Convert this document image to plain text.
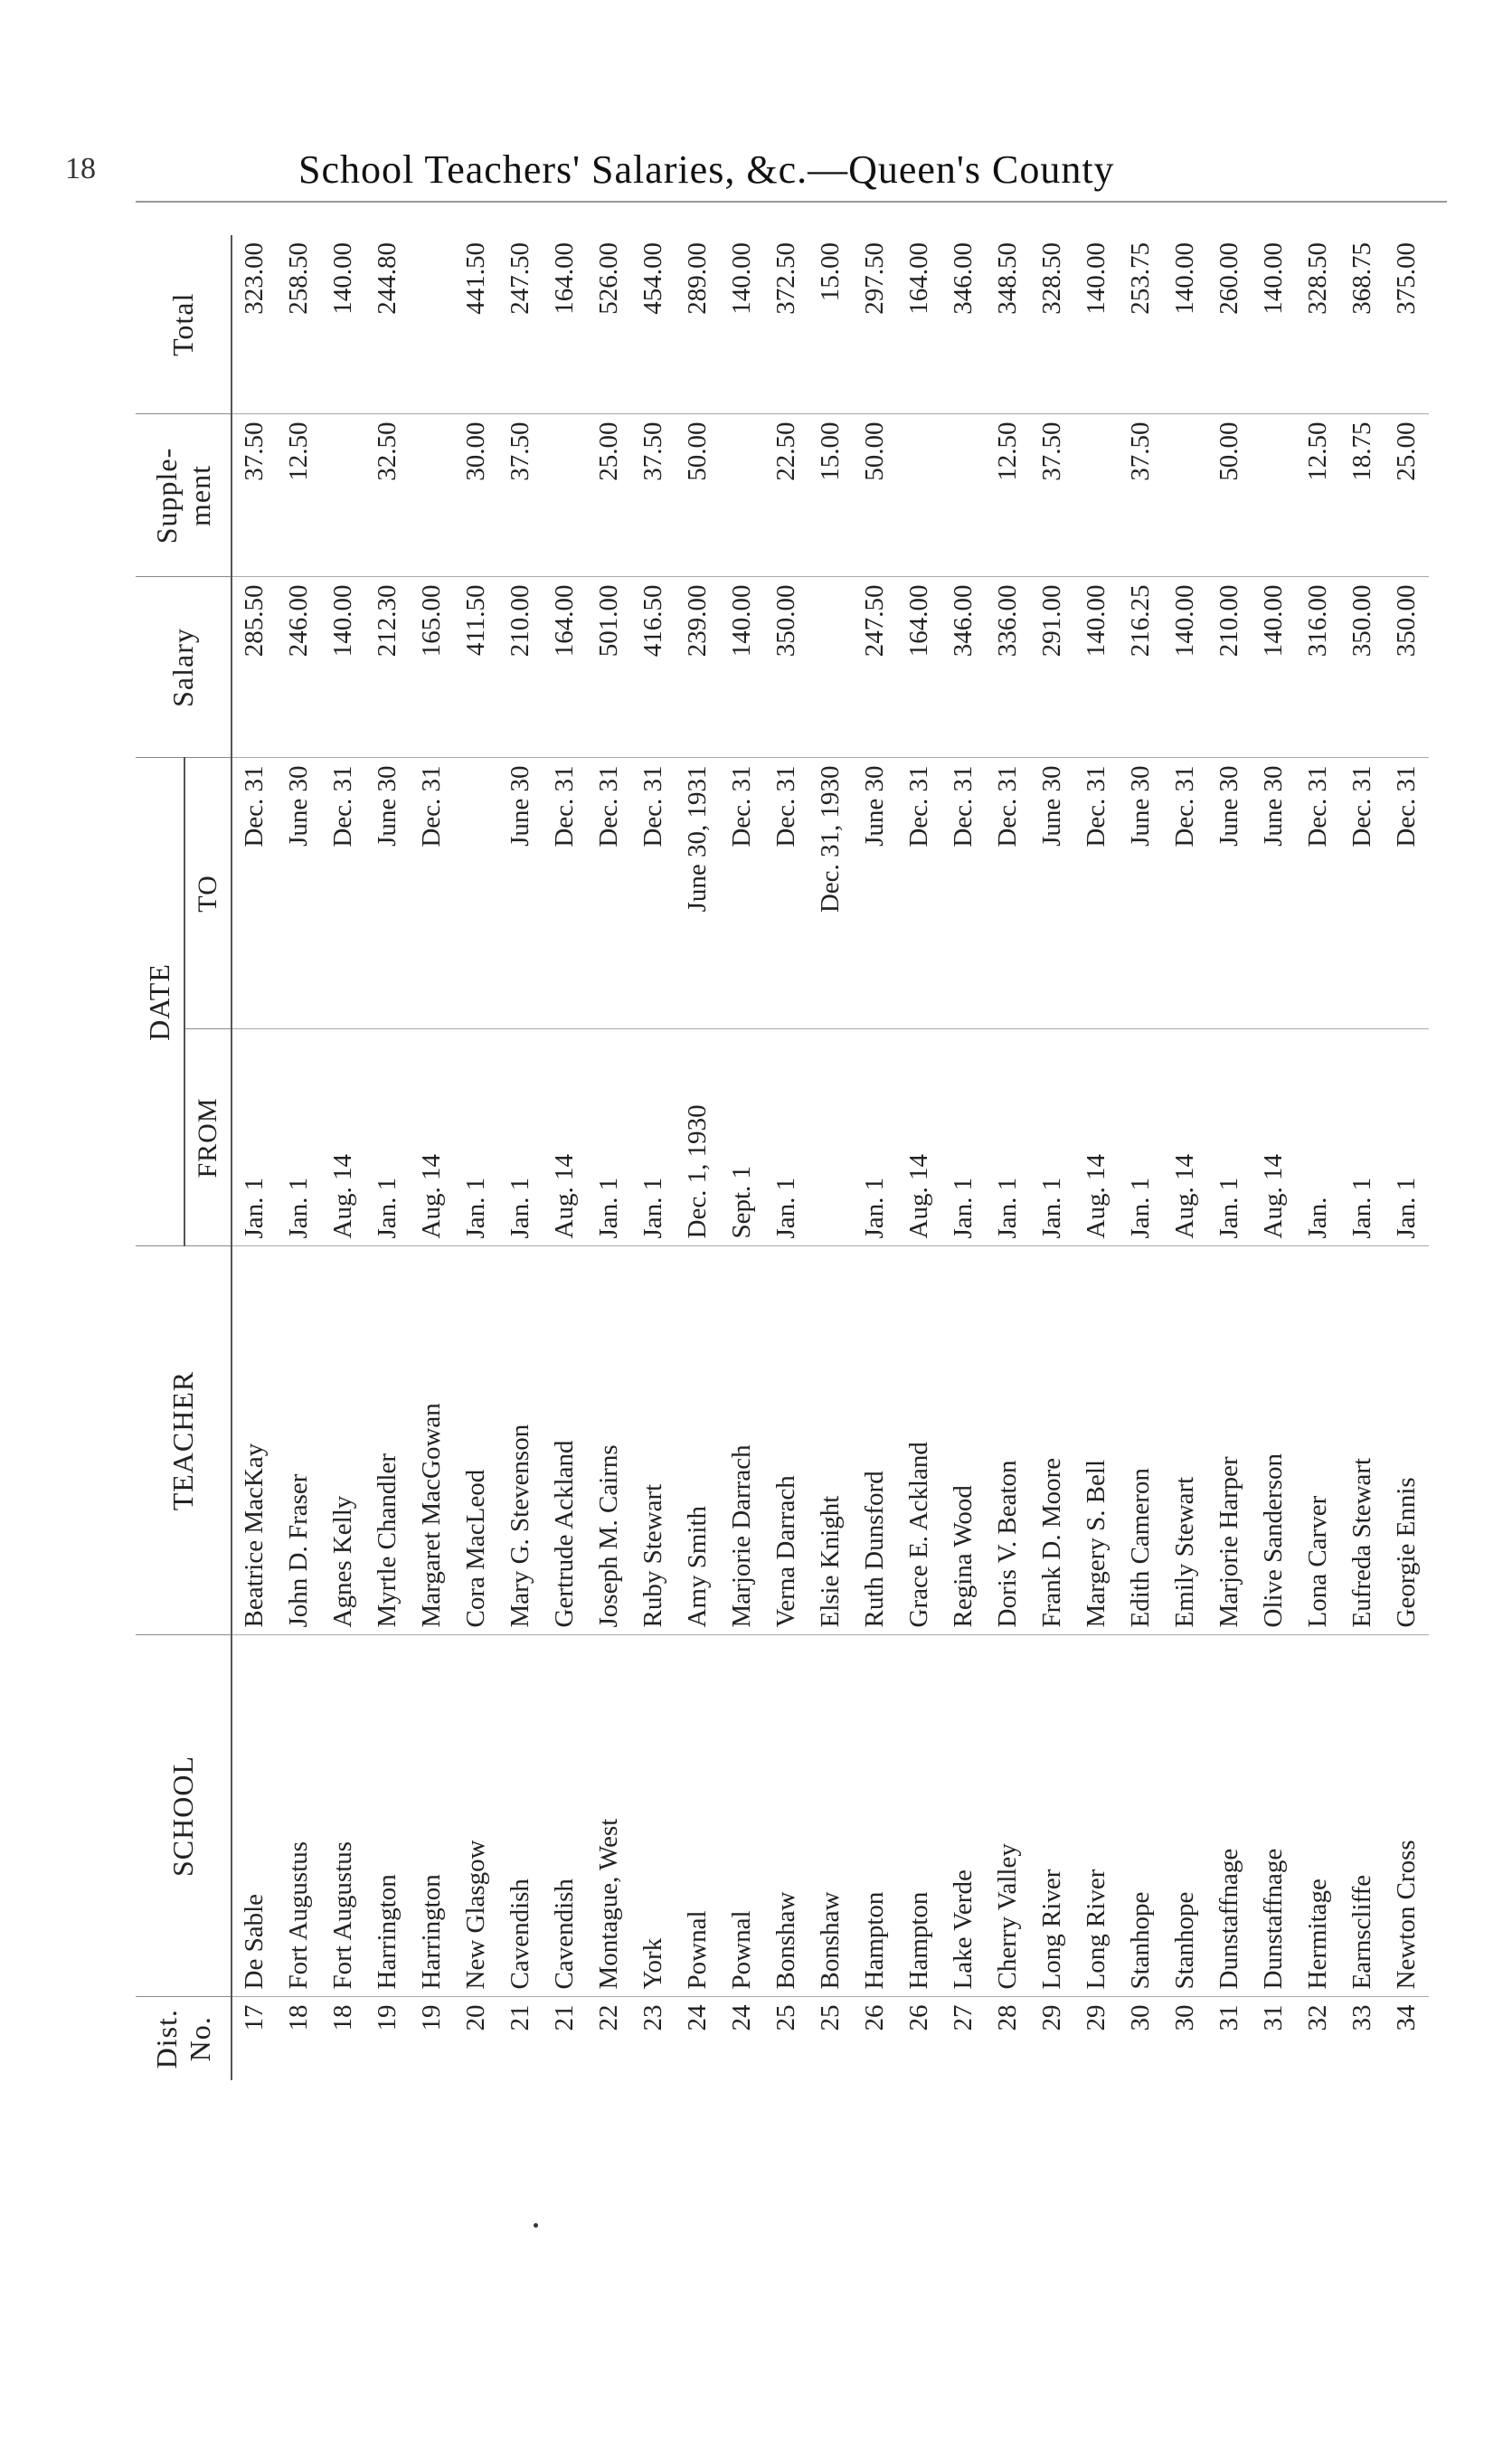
18	School Teachers' Salaries, &c.—Queen's County
Dist. No.	SCHOOL	TEACHER	DATE		Salary	Supple- ment	Total
			FROM	TO			
17	De Sable	Beatrice MacKay	Jan. 1	Dec. 31	285.50	37.50	323.00
18	Fort Augustus	John D. Fraser	Jan. 1	June 30	246.00	12.50	258.50
18	Fort Augustus	Agnes Kelly	Aug. 14	Dec. 31	140.00		140.00
19	Harrington	Myrtle Chandler	Jan. 1	June 30	212.30	32.50	244.80
19	Harrington	Margaret MacGowan	Aug. 14	Dec. 31	165.00		
20	New Glasgow	Cora MacLeod	Jan. 1		411.50	30.00	441.50
21	Cavendish	Mary G. Stevenson	Jan. 1	June 30	210.00	37.50	247.50
21	Cavendish	Gertrude Ackland	Aug. 14	Dec. 31	164.00		164.00
22	Montague, West	Joseph M. Cairns	Jan. 1	Dec. 31	501.00	25.00	526.00
23	York	Ruby Stewart	Jan. 1	Dec. 31	416.50	37.50	454.00
24	Pownal	Amy Smith	Dec. 1, 1930	June 30, 1931	239.00	50.00	289.00
24	Pownal	Marjorie Darrach	Sept. 1	Dec. 31	140.00		140.00
25	Bonshaw	Verna Darrach	Jan. 1	Dec. 31	350.00	22.50	372.50
25	Bonshaw	Elsie Knight		Dec. 31, 1930		15.00	15.00
26	Hampton	Ruth Dunsford	Jan. 1	June 30	247.50	50.00	297.50
26	Hampton	Grace E. Ackland	Aug. 14	Dec. 31	164.00		164.00
27	Lake Verde	Regina Wood	Jan. 1	Dec. 31	346.00		346.00
28	Cherry Valley	Doris V. Beaton	Jan. 1	Dec. 31	336.00	12.50	348.50
29	Long River	Frank D. Moore	Jan. 1	June 30	291.00	37.50	328.50
29	Long River	Margery S. Bell	Aug. 14	Dec. 31	140.00		140.00
30	Stanhope	Edith Cameron	Jan. 1	June 30	216.25	37.50	253.75
30	Stanhope	Emily Stewart	Aug. 14	Dec. 31	140.00		140.00
31	Dunstaffnage	Marjorie Harper	Jan. 1	June 30	210.00	50.00	260.00
31	Dunstaffnage	Olive Sanderson	Aug. 14	June 30	140.00		140.00
32	Hermitage	Lona Carver	Jan.	Dec. 31	316.00	12.50	328.50
33	Earnscliffe	Eufreda Stewart	Jan. 1	Dec. 31	350.00	18.75	368.75
34	Newton Cross	Georgie Ennis	Jan. 1	Dec. 31	350.00	25.00	375.00
